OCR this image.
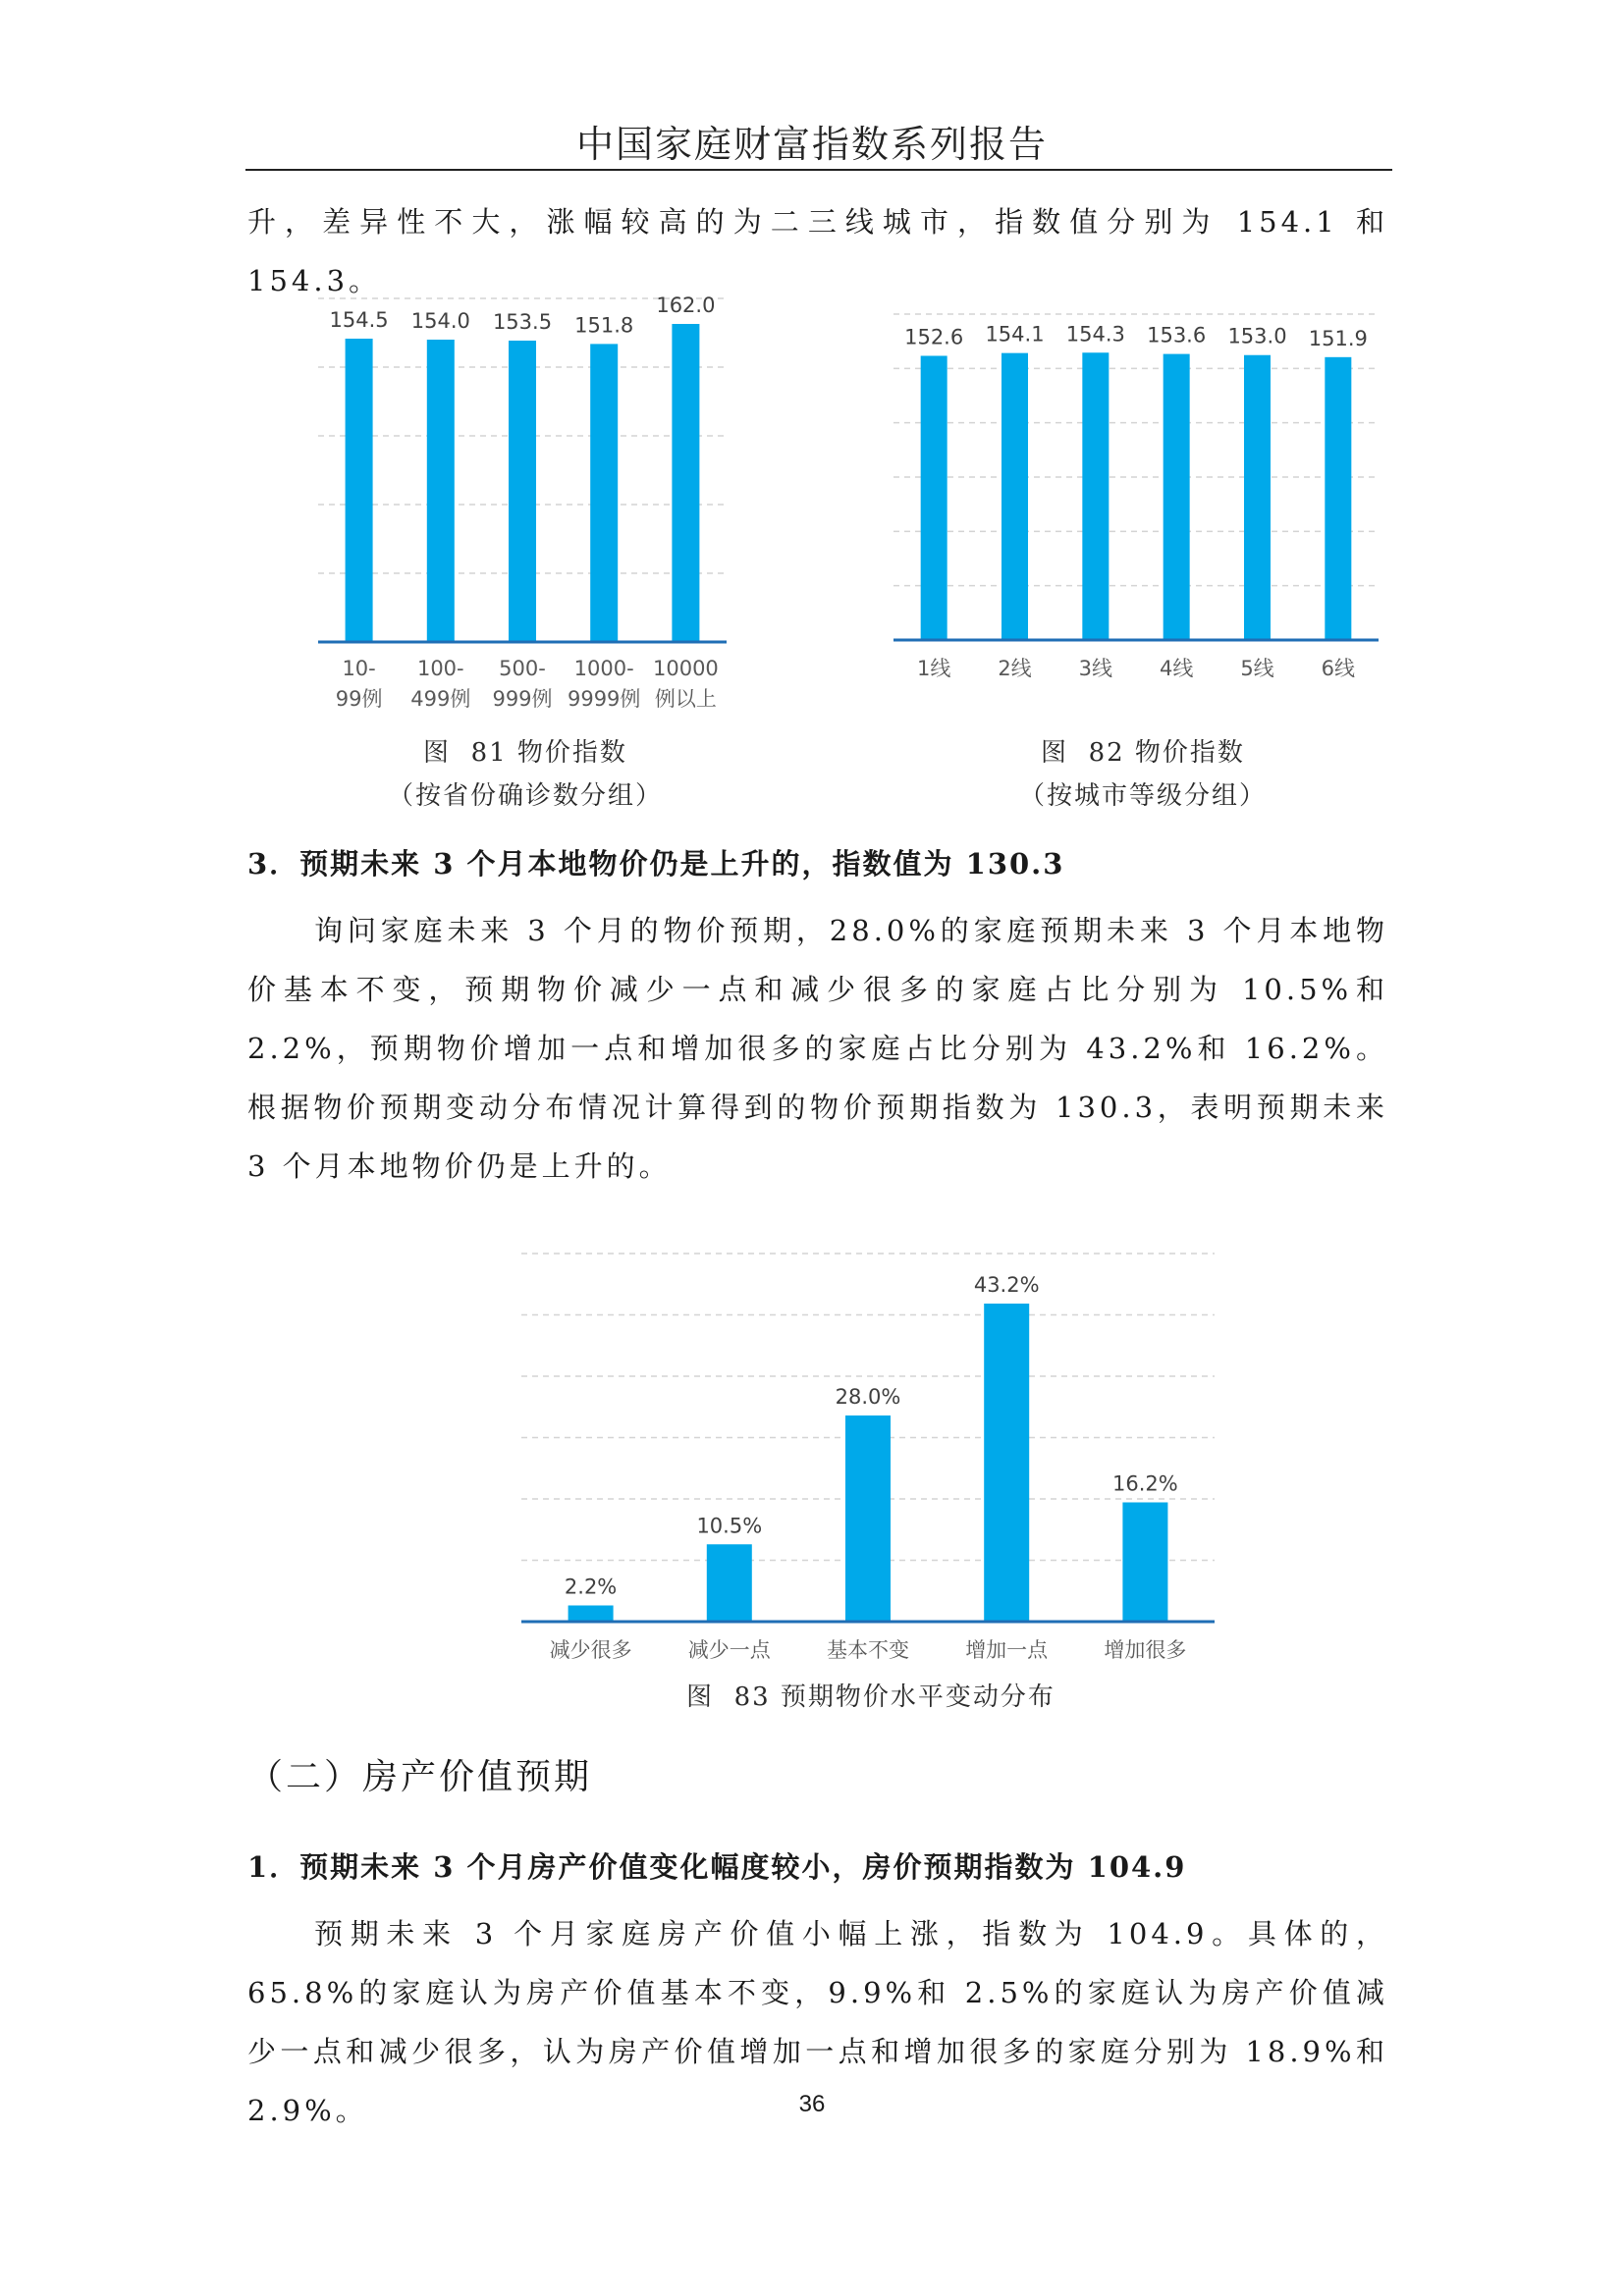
中国家庭财富指数系列报告
升，差异性不大，涨幅较高的为二三线城市，指数值分别为 154.1 和 154.3。
154.5
10-
99例
154.0
100-
499例
153.5
500-
999例
151.8
1000-
9999例
162.0
10000
例以上
图  81 物价指数
（按省份确诊数分组）
152.6
1线
154.1
2线
154.3
3线
153.6
4线
153.0
5线
151.9
6线
图  82 物价指数
（按城市等级分组）
3．预期未来 3 个月本地物价仍是上升的，指数值为 130.3
询问家庭未来 3 个月的物价预期，28.0%的家庭预期未来 3 个月本地物价基本不变，预期物价减少一点和减少很多的家庭占比分别为 10.5%和 2.2%，预期物价增加一点和增加很多的家庭占比分别为 43.2%和 16.2%。根据物价预期变动分布情况计算得到的物价预期指数为 130.3，表明预期未来 3 个月本地物价仍是上升的。
2.2%
减少很多
10.5%
减少一点
28.0%
基本不变
43.2%
增加一点
16.2%
增加很多
图  83 预期物价水平变动分布
（二）房产价值预期
1．预期未来 3 个月房产价值变化幅度较小，房价预期指数为 104.9
预期未来 3 个月家庭房产价值小幅上涨，指数为 104.9。具体的，65.8%的家庭认为房产价值基本不变，9.9%和 2.5%的家庭认为房产价值减少一点和减少很多，认为房产价值增加一点和增加很多的家庭分别为 18.9%和 2.9%。	36
